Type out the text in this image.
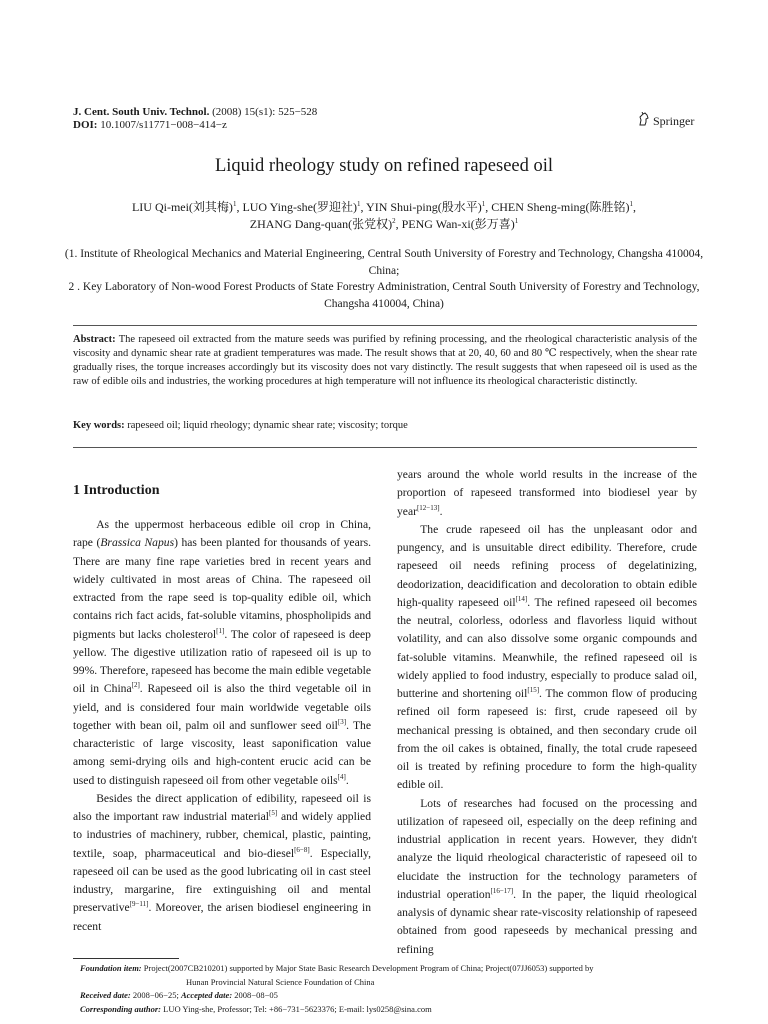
J. Cent. South Univ. Technol. (2008) 15(s1): 525−528
DOI: 10.1007/s11771−008−414−z	Springer
Liquid rheology study on refined rapeseed oil
LIU Qi-mei(刘其梅)$^1$, LUO Ying-she(罗迎社)$^1$, YIN Shui-ping(殷水平)$^1$, CHEN Sheng-ming(陈胜铭)$^1$,
ZHANG Dang-quan(张党权)$^2$, PENG Wan-xi(彭万喜)$^1$
(1. Institute of Rheological Mechanics and Material Engineering, Central South University of Forestry and Technology, Changsha 410004, China;
2 . Key Laboratory of Non-wood Forest Products of State Forestry Administration, Central South University of Forestry and Technology, Changsha 410004, China)
Abstract: The rapeseed oil extracted from the mature seeds was purified by refining processing, and the rheological characteristic analysis of the viscosity and dynamic shear rate at gradient temperatures was made. The result shows that at 20, 40, 60 and 80 ℃ respectively, when the shear rate gradually rises, the torque increases accordingly but its viscosity does not vary distinctly. The result suggests that when rapeseed oil is used as the raw of edible oils and industries, the working procedures at high temperature will not influence its rheological characteristic distinctly.
Key words: rapeseed oil; liquid rheology; dynamic shear rate; viscosity; torque
1 Introduction

As the uppermost herbaceous edible oil crop in China, rape (Brassica Napus) has been planted for thousands of years. There are many fine rape varieties bred in recent years and widely cultivated in most areas of China. The rapeseed oil extracted from the rape seed is top-quality edible oil, which contains rich fact acids, fat-soluble vitamins, phospholipids and pigments but lacks cholesterol[1]. The color of rapeseed is deep yellow. The digestive utilization ratio of rapeseed oil is up to 99%. Therefore, rapeseed has become the main edible vegetable oil in China[2]. Rapeseed oil is also the third vegetable oil in yield, and is considered four main worldwide vegetable oils together with bean oil, palm oil and sunflower seed oil[3]. The characteristic of large viscosity, least saponification value among semi-drying oils and high-content erucic acid can be used to distinguish rapeseed oil from other vegetable oils[4].

Besides the direct application of edibility, rapeseed oil is also the important raw industrial material[5] and widely applied to industries of machinery, rubber, chemical, plastic, painting, textile, soap, pharmaceutical and bio-diesel[6−8]. Especially, rapeseed oil can be used as the good lubricating oil in cast steel industry, margarine, fire extinguishing oil and mental preservative[9−11]. Moreover, the arisen biodiesel engineering in recent

years around the whole world results in the increase of the proportion of rapeseed transformed into biodiesel year by year[12−13].

The crude rapeseed oil has the unpleasant odor and pungency, and is unsuitable direct edibility. Therefore, crude rapeseed oil needs refining process of degelatinizing, deodorization, deacidification and decoloration to obtain edible high-quality rapeseed oil[14]. The refined rapeseed oil becomes the neutral, colorless, odorless and flavorless liquid without volatility, and can also dissolve some organic compounds and fat-soluble vitamins. Meanwhile, the refined rapeseed oil is widely applied to food industry, especially to produce salad oil, butterine and shortening oil[15]. The common flow of producing refined oil form rapeseed is: first, crude rapeseed oil by mechanical pressing is obtained, and then secondary crude oil from the oil cakes is obtained, finally, the total crude rapeseed oil is treated by refining procedure to form the high-quality edible oil.

Lots of researches had focused on the processing and utilization of rapeseed oil, especially on the deep refining and industrial application in recent years. However, they didn't analyze the liquid rheological characteristic of rapeseed oil to elucidate the instruction for the technology parameters of industrial operation[16−17]. In the paper, the liquid rheological analysis of dynamic shear rate-viscosity relationship of rapeseed obtained from good rapeseeds by mechanical pressing and refining

Foundation item: Project(2007CB210201) supported by Major State Basic Research Development Program of China; Project(07JJ6053) supported by
Hunan Provincial Natural Science Foundation of China
Received date: 2008−06−25; Accepted date: 2008−08−05
Corresponding author: LUO Ying-she, Professor; Tel: +86−731−5623376; E-mail: lys0258@sina.com
